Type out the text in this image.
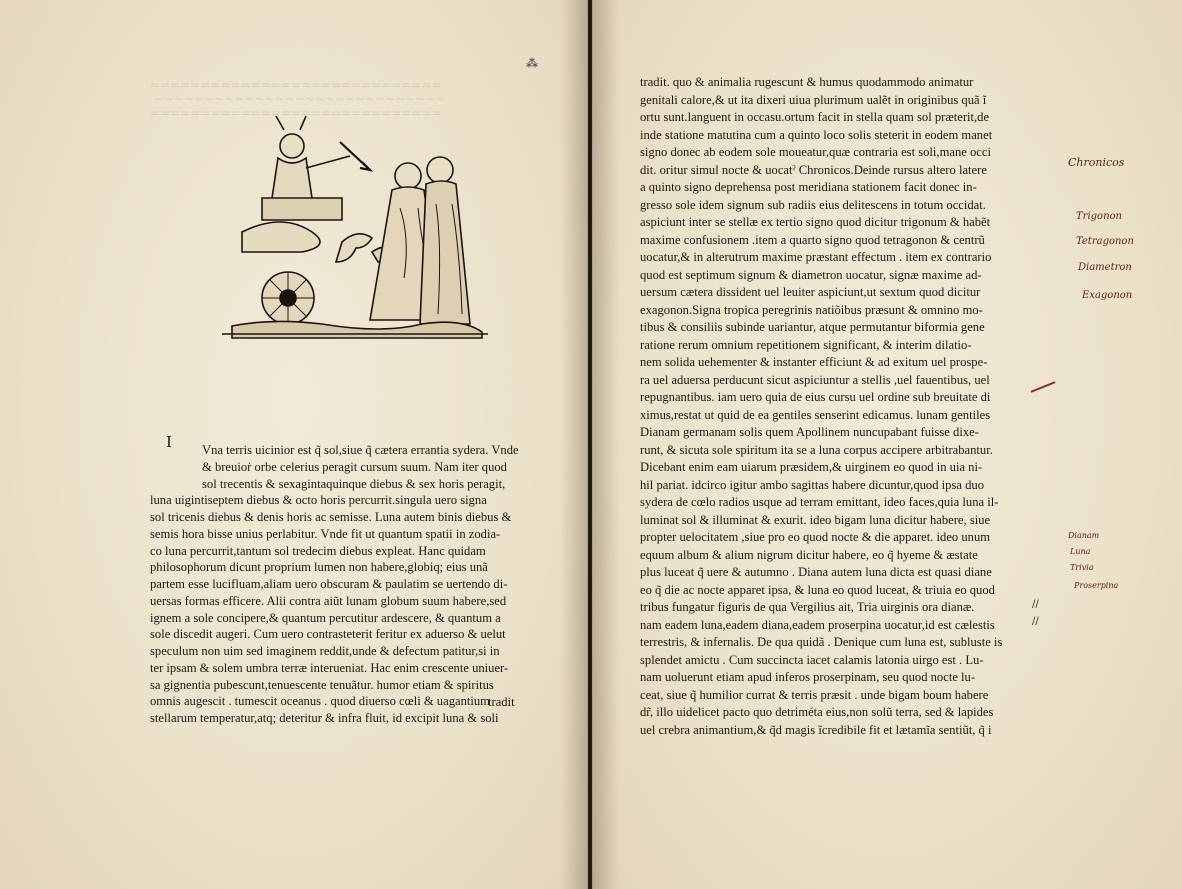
=============================
~~~~~~~~~~~~~~~~~~~~~~~~~~~~~
=============================
⁂
I	Vna terris uicinior est q̃ sol,siue q̃ cætera errantia sydera. Vnde

& breuioṙ orbe celerius peragit cursum suum. Nam iter quod

sol trecentis & sexagintaquinque diebus & sex horis peragit,

luna uigintiseptem diebus & octo horis percurrit.singula uero signa

sol tricenis diebus & denis horis ac semisse. Luna autem binis diebus &

semis hora bisse unius perlabitur. Vnde fit ut quantum spatii in zodia-

co luna percurrit,tantum sol tredecim diebus expleat. Hanc quidam

philosophorum dicunt proprium lumen non habere,globiq; eius unã

partem esse lucifluam,aliam uero obscuram & paulatim se uertendo di-

uersas formas efficere. Alii contra aiũt lunam globum suum habere,sed

ignem a sole concipere,& quantum percutitur ardescere, & quantum a

sole discedit augeri. Cum uero contrasteterit feritur ex aduerso & uelut

speculum non uim sed imaginem reddit,unde & defectum patitur,si in

ter ipsam & solem umbra terræ interueniat. Hac enim crescente uniuer-

sa gignentia pubescunt,tenuescente tenuãtur. humor etiam & spiritus

omnis augescit . tumescit oceanus . quod diuerso cœli & uagantium

stellarum temperatur,atq; deteritur & infra fluit, id excipit luna & soli

tradit

tradit. quo & animalia rugescunt & humus quodammodo animatur

genitali calore,& ut ita dixeri uiua plurimum ualẽt in originibus quã ĩ

ortu sunt.languent in occasu.ortum facit in stella quam sol præterit,de

inde statione matutina cum a quinto loco solis steterit in eodem manet

signo donec ab eodem sole moueatur,quæ contraria est soli,mane occi

dit. oritur simul nocte & uocatˀ Chronicos.Deinde rursus altero latere

a quinto signo deprehensa post meridiana stationem facit donec in-

gresso sole idem signum sub radiis eius delitescens in totum occidat.

aspiciunt inter se stellæ ex tertio signo quod dicitur trigonum & habẽt

maxime confusionem .item a quarto signo quod tetragonon & centrũ

uocatur,& in alterutrum maxime præstant effectum . item ex contrario

quod est septimum signum & diametron uocatur, signæ maxime ad-

uersum cætera dissident uel leuiter aspiciunt,ut sextum quod dicitur

exagonon.Signa tropica peregrinis natiõibus præsunt & omnino mo-

tibus & consiliis subinde uariantur, atque permutantur biformia gene

ratione rerum omnium repetitionem significant, & interim dilatio-

nem solida uehementer & instanter efficiunt & ad exitum uel prospe-

ra uel aduersa perducunt sicut aspiciuntur a stellis ,uel fauentibus, uel

repugnantibus. iam uero quia de eius cursu uel ordine sub breuitate di

ximus,restat ut quid de ea gentiles senserint edicamus. lunam gentiles

Dianam germanam solis quem Apollinem nuncupabant fuisse dixe-

runt, & sicuta sole spiritum ita se a luna corpus accipere arbitrabantur.

Dicebant enim eam uiarum præsidem,& uirginem eo quod in uia ni-

hil pariat. idcirco igitur ambo sagittas habere dicuntur,quod ipsa duo

sydera de cœlo radios usque ad terram emittant, ideo faces,quia luna il-

luminat sol & illuminat & exurit. ideo bigam luna dicitur habere, siue

propter uelocitatem ,siue pro eo quod nocte & die apparet. ideo unum

equum album & alium nigrum dicitur habere, eo q̃ hyeme & æstate

plus luceat q̃ uere & autumno . Diana autem luna dicta est quasi diane

eo q̃ die ac nocte apparet ipsa, & luna eo quod luceat, & triuia eo quod

tribus fungatur figuris de qua Vergilius ait, Tria uirginis ora dianæ.

nam eadem luna,eadem diana,eadem proserpina uocatur,id est cælestis

terrestris, & infernalis. De qua quidã . Denique cum luna est, subluste is

splendet amictu . Cum succincta iacet calamis latonia uirgo est . Lu-

nam uoluerunt etiam apud inferos proserpinam, seu quod nocte lu-

ceat, siue q̃ humilior currat & terris præsit . unde bigam boum habere

dr̃, illo uidelicet pacto quo detriméta eius,non solũ terra, sed & lapides

uel crebra animantium,& q̃d magis ĩcredibile fit et lætamĩa sentiũt, q̃ i

Chronicos
Trigonon
Tetragonon
Diametron
Exagonon
Dianam
Luna
Trivia
Proserpina
//
//
